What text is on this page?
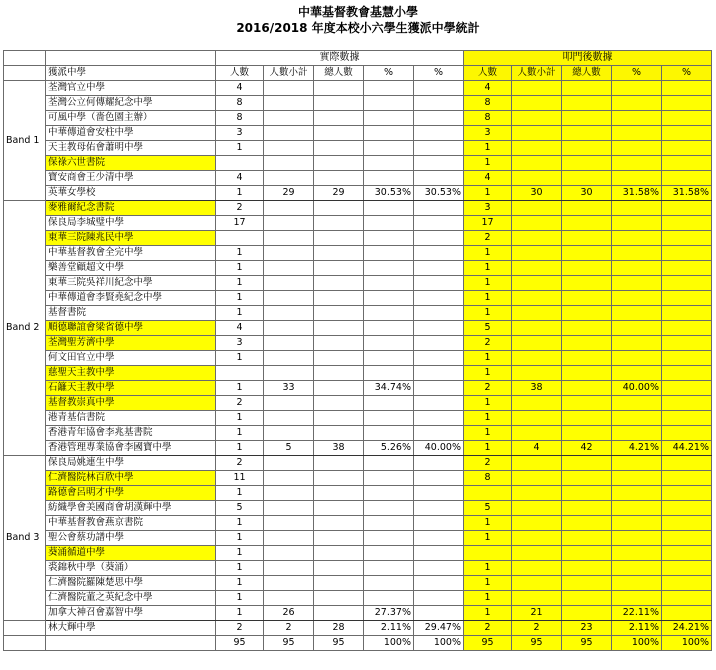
中華基督教會基慧小學
2016/2018 年度本校小六學生獲派中學統計
		實際數據					叩門後數據				
	獲派中學	人數	人數小計	總人數	%	%	人數	人數小計	總人數	%	%
Band 1	荃灣官立中學	4					4				
	荃灣公立何傳耀紀念中學	8					8				
	可風中學（嗇色園主辦）	8					8				
	中華傳道會安柱中學	3					3				
	天主教母佑會蕭明中學	1					1				
	保祿六世書院						1				
	寶安商會王少清中學	4					4				
	英華女學校	1	29	29	30.53%	30.53%	1	30	30	31.58%	31.58%
Band 2	麥雅爾紀念書院	2					3				
	保良局李城璧中學	17					17				
	東華三院陳兆民中學						2				
	中華基督教會全完中學	1					1				
	樂善堂顧超文中學	1					1				
	東華三院吳祥川紀念中學	1					1				
	中華傳道會李賢堯紀念中學	1					1				
	基督書院	1					1				
	順德聯誼會梁省德中學	4					5				
	荃灣聖芳濟中學	3					2				
	何文田官立中學	1					1				
	慈聖天主教中學						1				
	石籬天主教中學	1	33		34.74%		2	38		40.00%	
	基督教崇真中學	2					1				
	港青基信書院	1					1				
	香港青年協會李兆基書院	1					1				
	香港管理專業協會李國寶中學	1	5	38	5.26%	40.00%	1	4	42	4.21%	44.21%
Band 3	保良局姚連生中學	2					2				
	仁濟醫院林百欣中學	11					8				
	路德會呂明才中學	1									
	紡織學會美國商會胡漢輝中學	5					5				
	中華基督教會燕京書院	1					1				
	聖公會蔡功譜中學	1					1				
	葵涌循道中學	1									
	裘錦秋中學（葵涌）	1					1				
	仁濟醫院羅陳楚思中學	1					1				
	仁濟醫院董之英紀念中學	1					1				
	加拿大神召會嘉智中學	1	26		27.37%		1	21		22.11%	
	林大輝中學	2	2	28	2.11%	29.47%	2	2	23	2.11%	24.21%
		95	95	95	100%	100%	95	95	95	100%	100%
